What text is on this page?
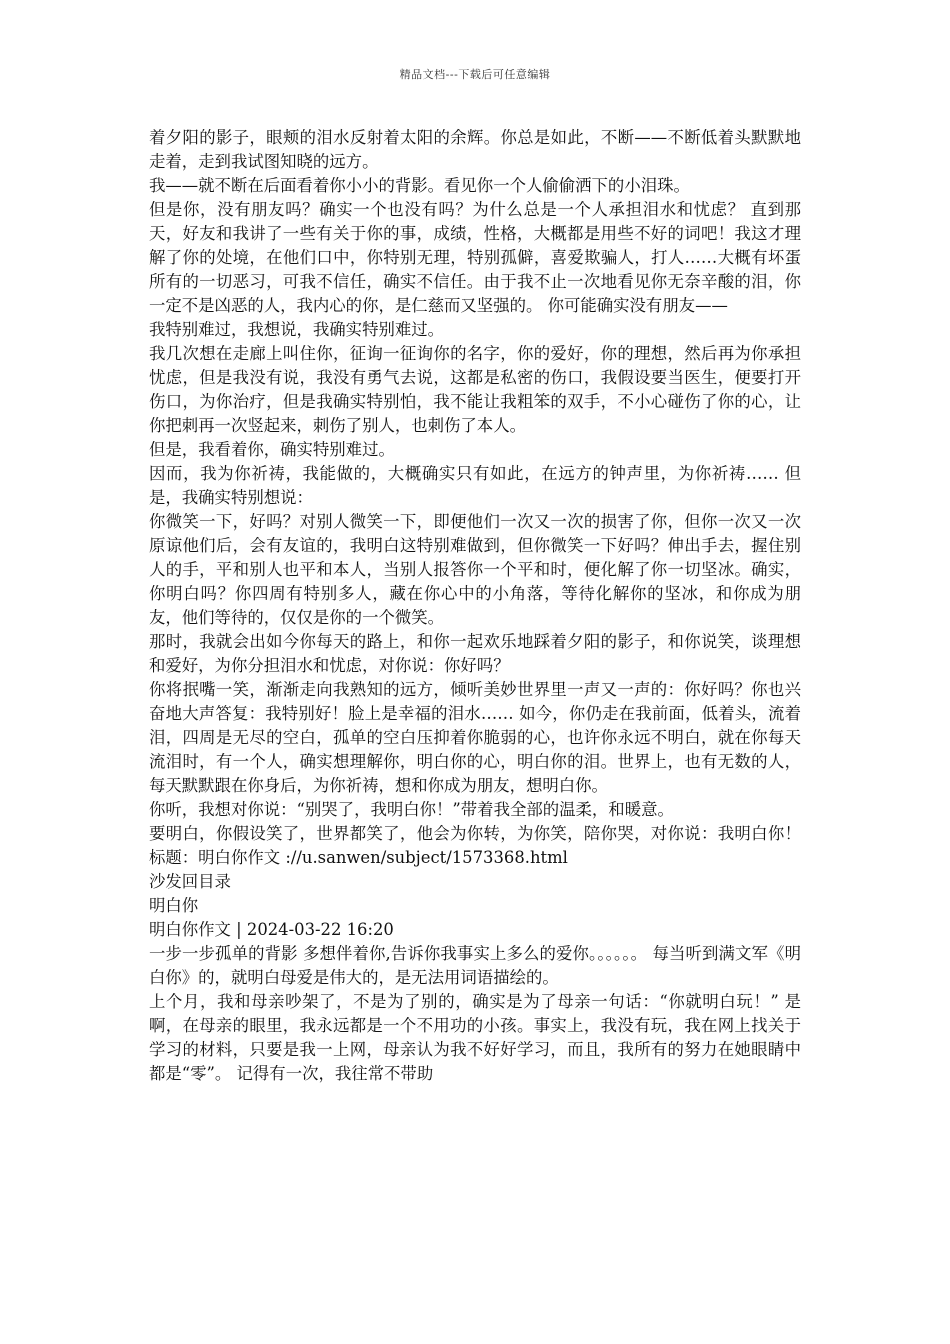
精品文档---下载后可任意编辑

着夕阳的影子，眼颊的泪水反射着太阳的余辉。你总是如此，不断——不断低着头默默地走着，走到我试图知晓的远方。

我——就不断在后面看着你小小的背影。看见你一个人偷偷洒下的小泪珠。

但是你，没有朋友吗？确实一个也没有吗？为什么总是一个人承担泪水和忧虑？ 直到那天，好友和我讲了一些有关于你的事，成绩，性格，大概都是用些不好的词吧！我这才理解了你的处境，在他们口中，你特别无理，特别孤僻，喜爱欺骗人，打人……大概有坏蛋所有的一切恶习，可我不信任，确实不信任。由于我不止一次地看见你无奈辛酸的泪，你一定不是凶恶的人，我内心的你，是仁慈而又坚强的。 你可能确实没有朋友——

我特别难过，我想说，我确实特别难过。

我几次想在走廊上叫住你，征询一征询你的名字，你的爱好，你的理想，然后再为你承担忧虑，但是我没有说，我没有勇气去说，这都是私密的伤口，我假设要当医生，便要打开伤口，为你治疗，但是我确实特别怕，我不能让我粗笨的双手，不小心碰伤了你的心，让你把刺再一次竖起来，刺伤了别人，也刺伤了本人。

但是，我看着你，确实特别难过。

因而，我为你祈祷，我能做的，大概确实只有如此，在远方的钟声里，为你祈祷…… 但是，我确实特别想说：

你微笑一下，好吗？对别人微笑一下，即便他们一次又一次的损害了你，但你一次又一次原谅他们后，会有友谊的，我明白这特别难做到，但你微笑一下好吗？伸出手去，握住别人的手，平和别人也平和本人，当别人报答你一个平和时，便化解了你一切坚冰。确实，你明白吗？你四周有特别多人，藏在你心中的小角落，等待化解你的坚冰，和你成为朋友，他们等待的，仅仅是你的一个微笑。

那时，我就会出如今你每天的路上，和你一起欢乐地踩着夕阳的影子，和你说笑，谈理想和爱好，为你分担泪水和忧虑，对你说：你好吗？

你将抿嘴一笑，渐渐走向我熟知的远方，倾听美妙世界里一声又一声的：你好吗？你也兴奋地大声答复：我特别好！脸上是幸福的泪水…… 如今，你仍走在我前面，低着头，流着泪，四周是无尽的空白，孤单的空白压抑着你脆弱的心，也许你永远不明白，就在你每天流泪时，有一个人，确实想理解你，明白你的心，明白你的泪。世界上，也有无数的人，每天默默跟在你身后，为你祈祷，想和你成为朋友，想明白你。

你听，我想对你说：“别哭了，我明白你！”带着我全部的温柔，和暖意。

要明白，你假设笑了，世界都笑了，他会为你转，为你笑，陪你哭，对你说：我明白你！ 标题：明白你作文 ://u.sanwen/subject/1573368.html

沙发回目录

明白你

明白你作文 | 2024-03-22 16:20

一步一步孤单的背影 多想伴着你,告诉你我事实上多么的爱你。。。。。。 每当听到满文军《明白你》的，就明白母爱是伟大的，是无法用词语描绘的。

上个月，我和母亲吵架了，不是为了别的，确实是为了母亲一句话：“你就明白玩！” 是啊，在母亲的眼里，我永远都是一个不用功的小孩。事实上，我没有玩，我在网上找关于学习的材料，只要是我一上网，母亲认为我不好好学习，而且，我所有的努力在她眼睛中都是“零”。 记得有一次，我往常不带助
